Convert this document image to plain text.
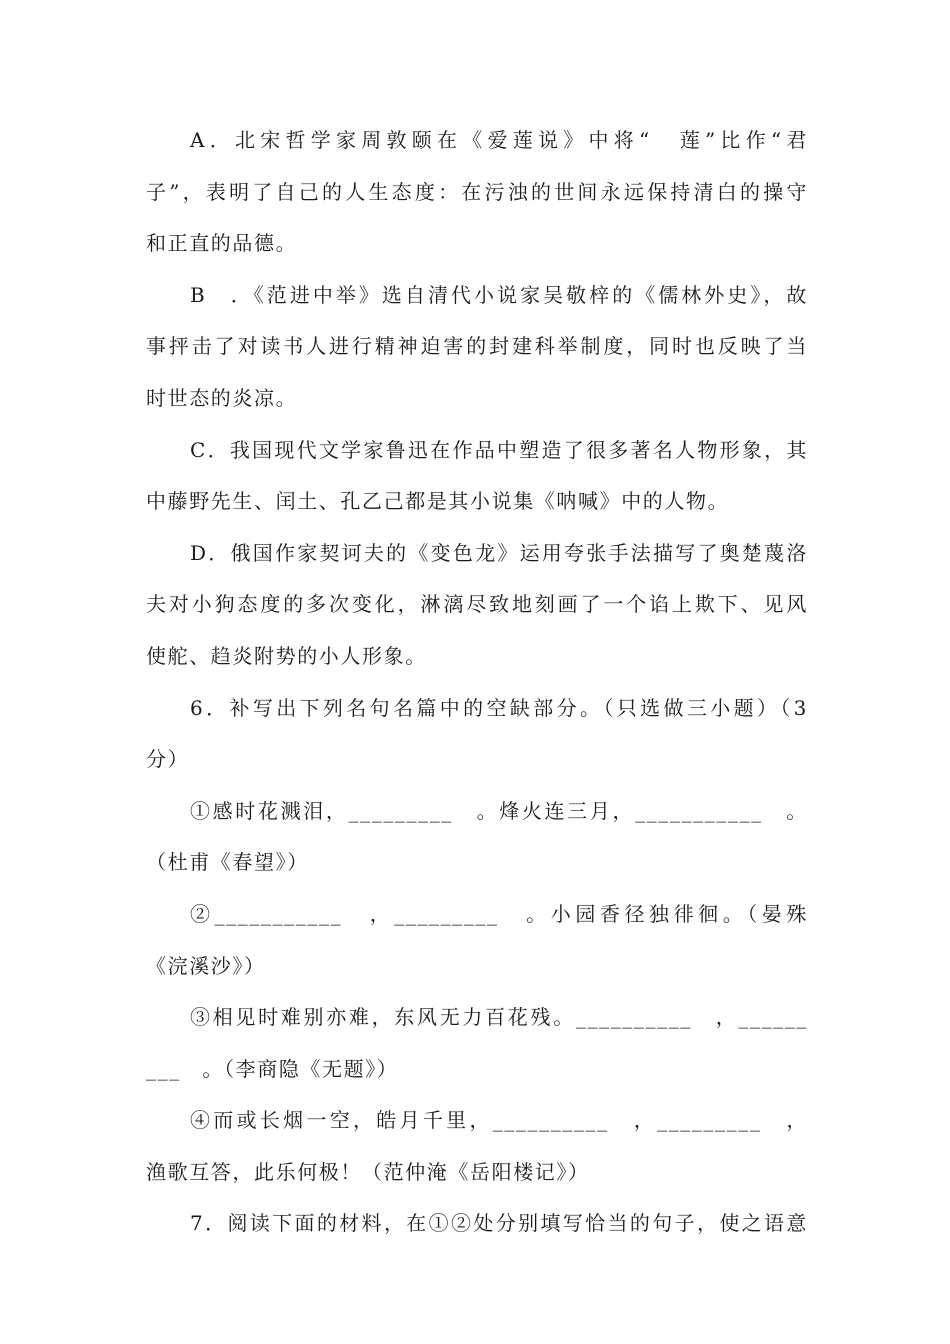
A．北宋哲学家周敦颐在《爱莲说》中将“　莲”比作“君
子”，表明了自己的人生态度：在污浊的世间永远保持清白的操守
和正直的品德。
B　．《范进中举》选自清代小说家吴敬梓的《儒林外史》，故
事抨击了对读书人进行精神迫害的封建科举制度，同时也反映了当
时世态的炎凉。
C．我国现代文学家鲁迅在作品中塑造了很多著名人物形象，其
中藤野先生、闰土、孔乙己都是其小说集《呐喊》中的人物。
D．俄国作家契诃夫的《变色龙》运用夸张手法描写了奥楚蔑洛
夫对小狗态度的多次变化，淋漓尽致地刻画了一个谄上欺下、见风
使舵、趋炎附势的小人形象。
6．补写出下列名句名篇中的空缺部分。（只选做三小题）（3
分）
①感时花溅泪，_________　。烽火连三月，___________　。
（杜甫《春望》）
②___________　，_________　。小园香径独徘徊。（晏殊
《浣溪沙》）
③相见时难别亦难，东风无力百花残。__________　，______
___　。（李商隐《无题》）
④而或长烟一空，皓月千里，__________　，_________　，
渔歌互答，此乐何极！（范仲淹《岳阳楼记》）
7．阅读下面的材料，在①②处分别填写恰当的句子，使之语意
